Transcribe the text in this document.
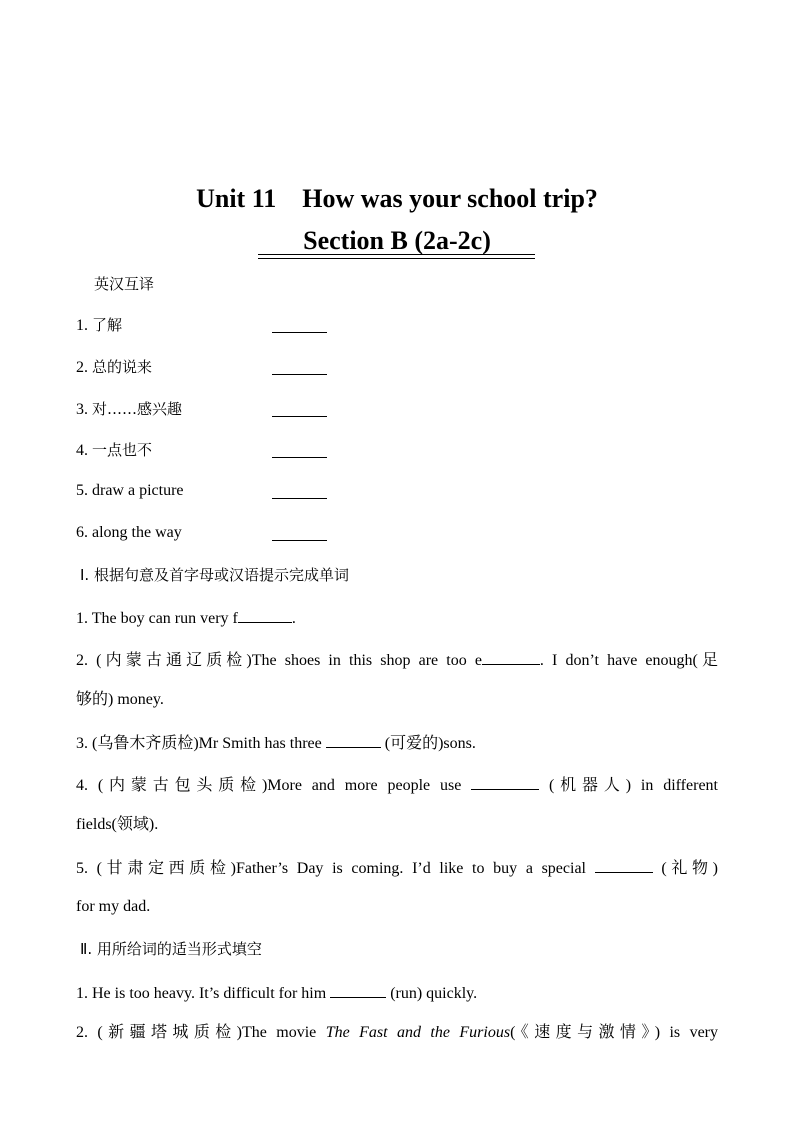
Unit 11    How was your school trip?
Section B (2a-2c)
英汉互译
1. 了解
2. 总的说来
3. 对……感兴趣
4. 一点也不
5. draw a picture
6. along the way
Ⅰ. 根据句意及首字母或汉语提示完成单词
1. The boy can run very f	.
2. (内蒙古通辽质检)The shoes in this shop are too e	. I don’t have enough(足
够的) money.
3. (乌鲁木齐质检)Mr Smith has three	(可爱的)sons.
4. (内蒙古包头质检)More and more people use	(机器人) in different
fields(领域).
5. (甘肃定西质检)Father’s Day is coming. I’d like to buy a special	(礼物)
for my dad.
Ⅱ. 用所给词的适当形式填空
1. He is too heavy. It’s difficult for him	(run) quickly.
2. (新疆塔城质检)The movie The Fast and the Furious(《速度与激情》) is very
